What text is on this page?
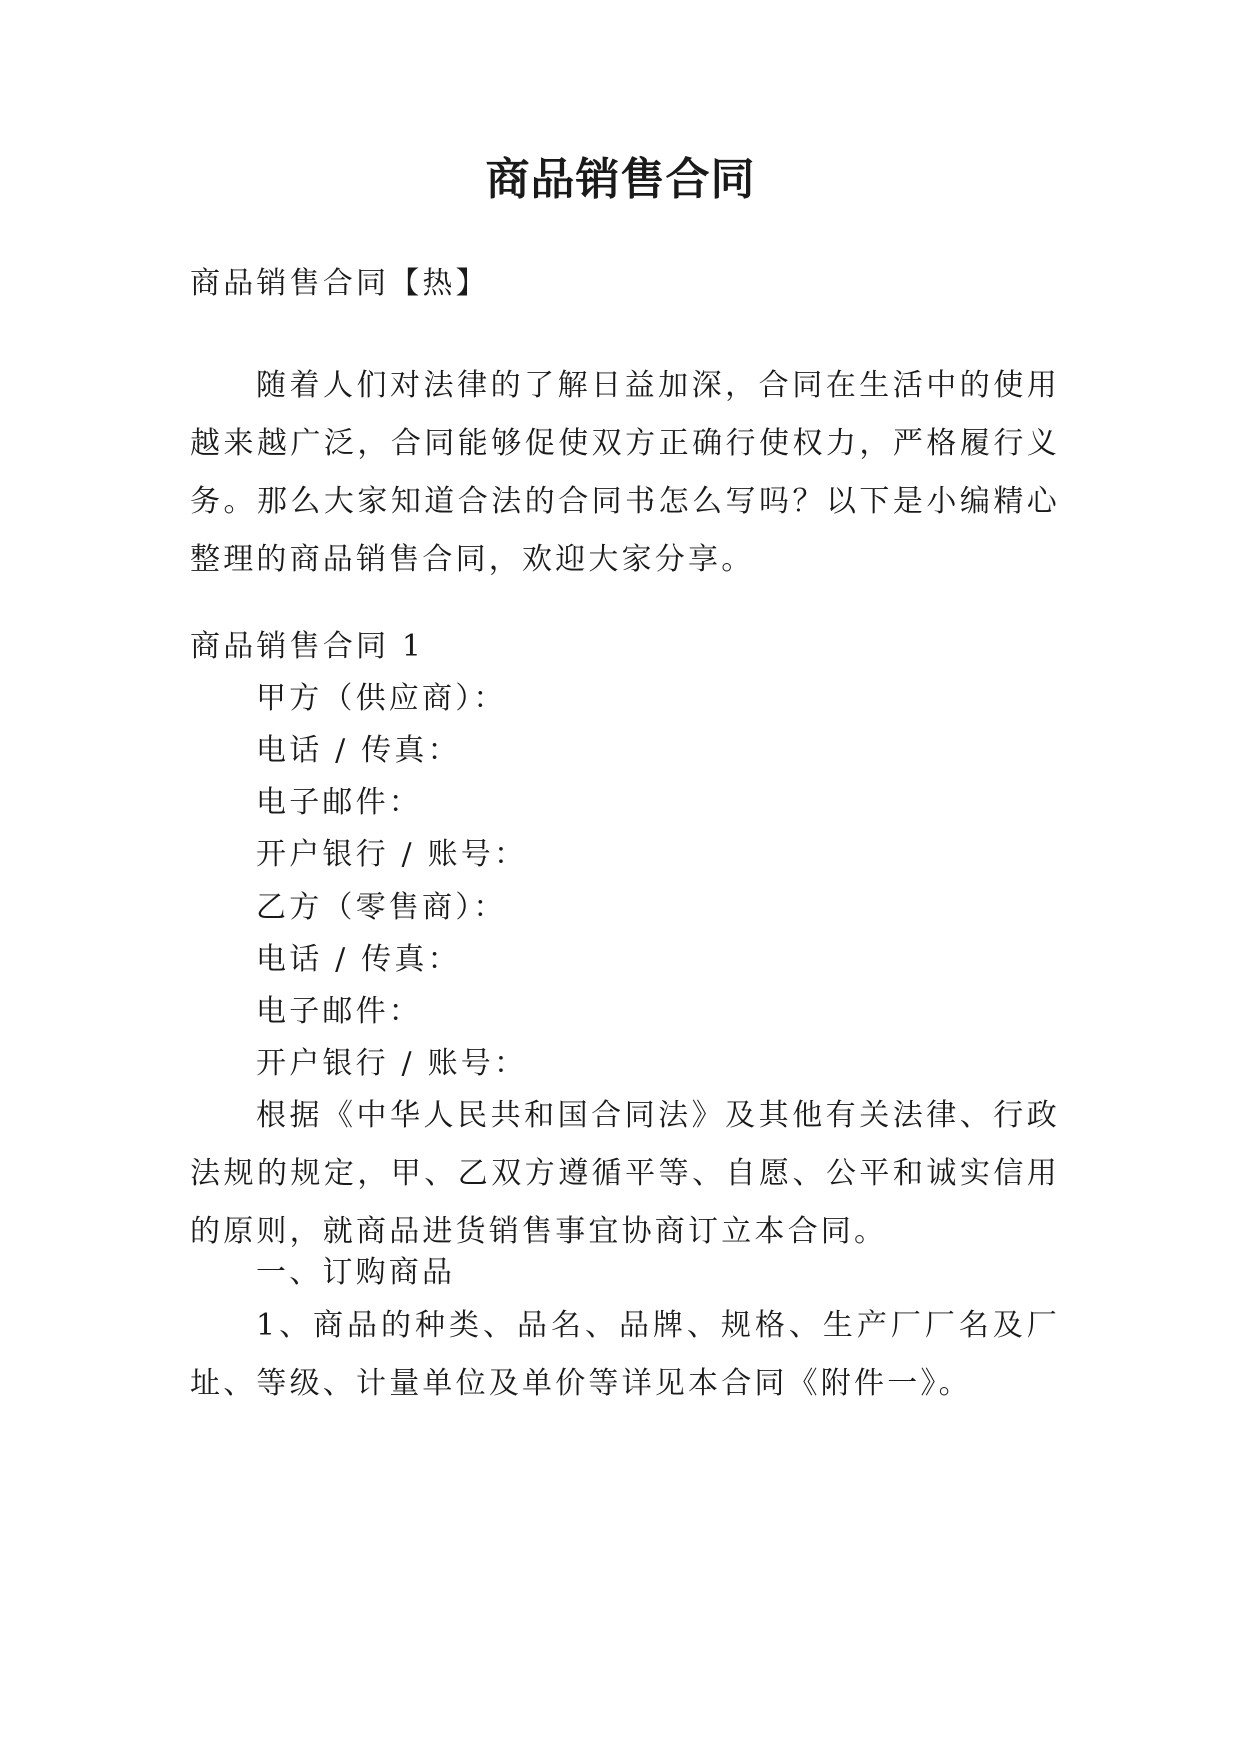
商品销售合同

商品销售合同【热】

随着人们对法律的了解日益加深，合同在生活中的使用越来越广泛，合同能够促使双方正确行使权力，严格履行义务。那么大家知道合法的合同书怎么写吗？以下是小编精心整理的商品销售合同，欢迎大家分享。

商品销售合同 1

甲方（供应商）：

电话 / 传真：

电子邮件：

开户银行 / 账号：

乙方（零售商）：

电话 / 传真：

电子邮件：

开户银行 / 账号：

根据《中华人民共和国合同法》及其他有关法律、行政法规的规定，甲、乙双方遵循平等、自愿、公平和诚实信用的原则，就商品进货销售事宜协商订立本合同。

一、订购商品

1、商品的种类、品名、品牌、规格、生产厂厂名及厂址、等级、计量单位及单价等详见本合同《附件一》。
